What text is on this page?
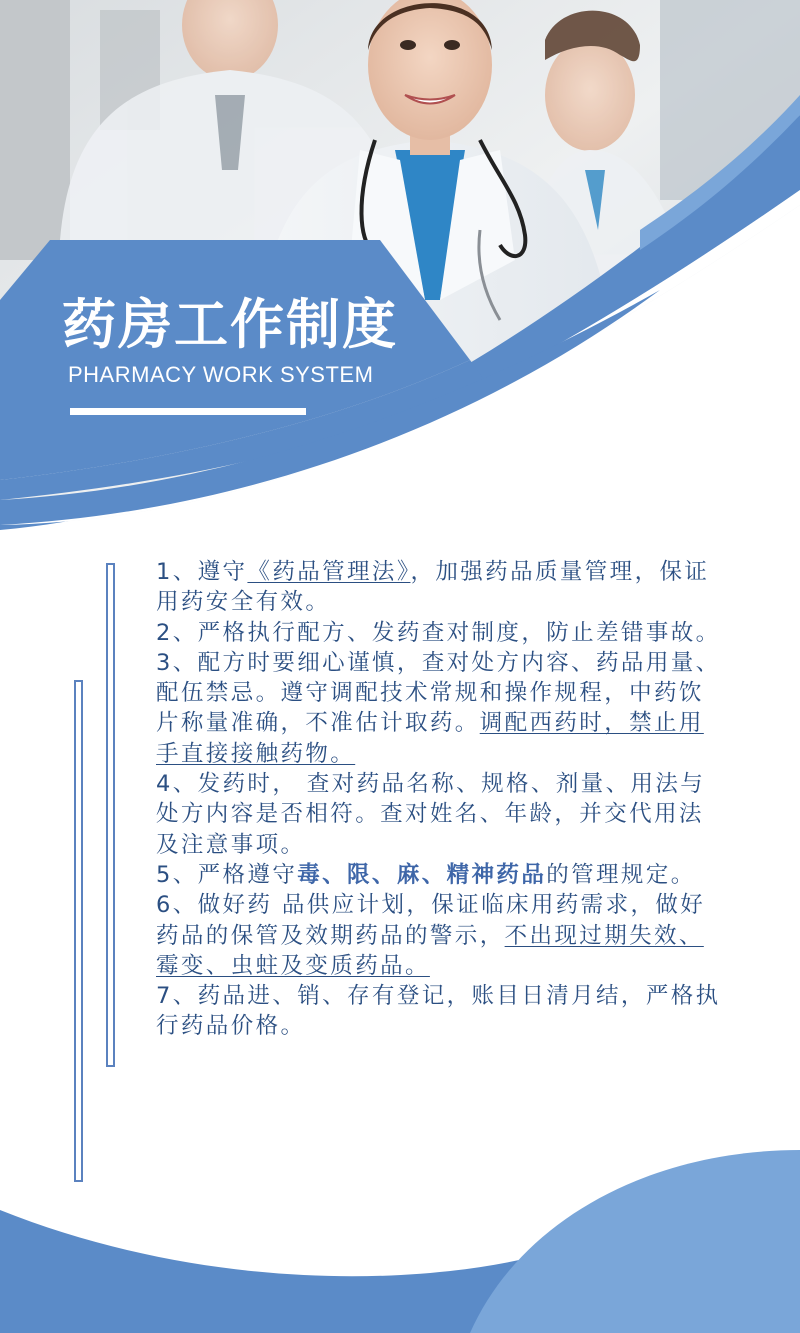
药房工作制度
PHARMACY WORK SYSTEM

1、遵守《药品管理法》，加强药品质量管理，保证用药安全有效。

2、严格执行配方、发药查对制度，防止差错事故。

3、配方时要细心谨慎，查对处方内容、药品用量、配伍禁忌。遵守调配技术常规和操作规程，中药饮片称量准确，不准估计取药。调配西药时，禁止用手直接接触药物。

4、发药时， 查对药品名称、规格、剂量、用法与处方内容是否相符。查对姓名、年龄，并交代用法及注意事项。

5、严格遵守毒、限、麻、精神药品的管理规定。

6、做好药 品供应计划，保证临床用药需求，做好药品的保管及效期药品的警示，不出现过期失效、霉变、虫蛀及变质药品。

7、药品进、销、存有登记，账目日清月结，严格执行药品价格。
